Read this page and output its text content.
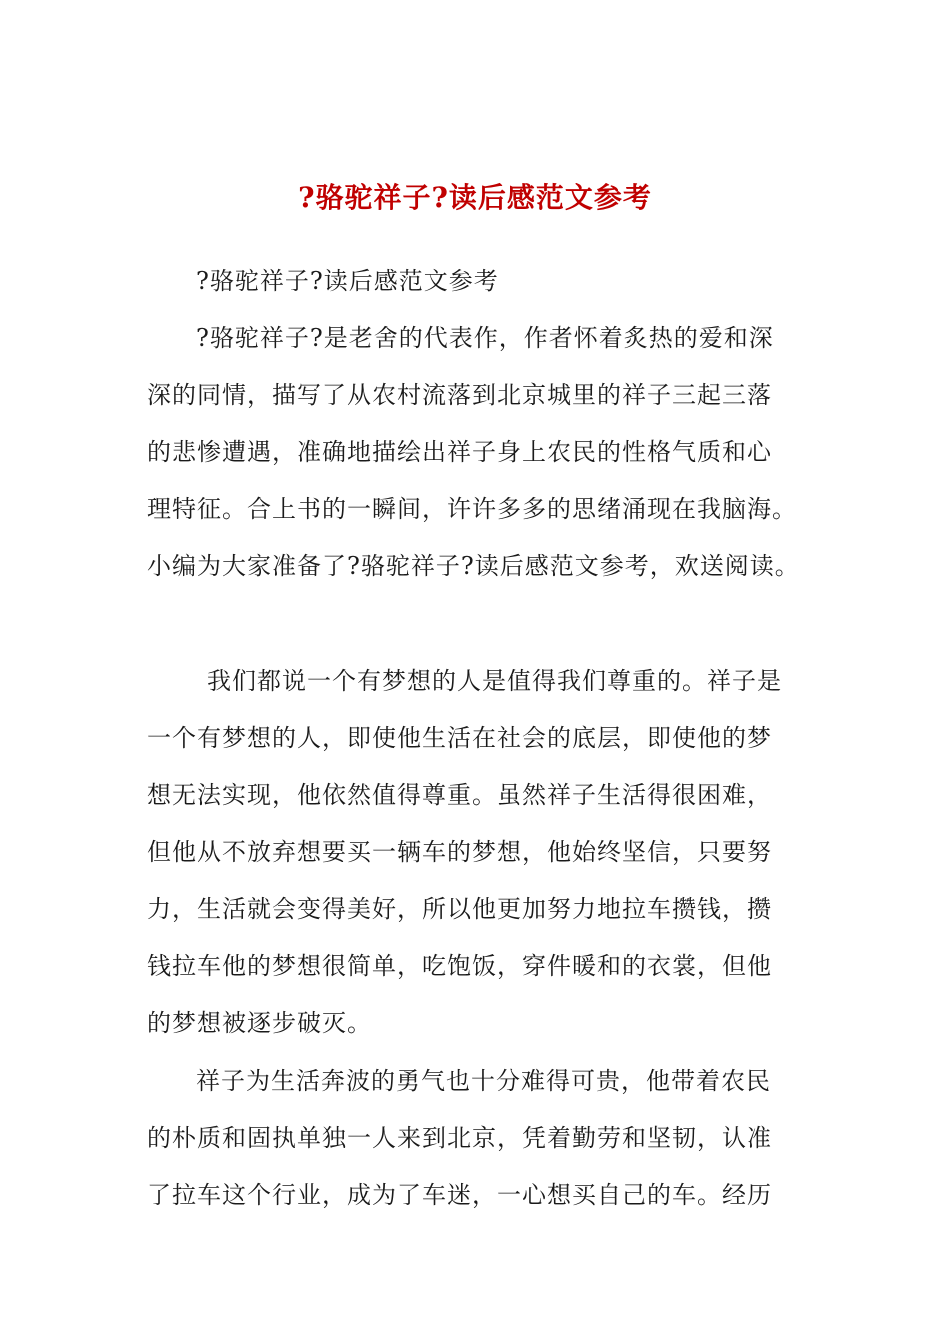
?骆驼祥子?读后感范文参考
?骆驼祥子?读后感范文参考
?骆驼祥子?是老舍的代表作，作者怀着炙热的爱和深
深的同情，描写了从农村流落到北京城里的祥子三起三落
的悲惨遭遇，准确地描绘出祥子身上农民的性格气质和心
理特征。合上书的一瞬间，许许多多的思绪涌现在我脑海。
小编为大家准备了?骆驼祥子?读后感范文参考，欢送阅读。
我们都说一个有梦想的人是值得我们尊重的。祥子是
一个有梦想的人，即使他生活在社会的底层，即使他的梦
想无法实现，他依然值得尊重。虽然祥子生活得很困难，
但他从不放弃想要买一辆车的梦想，他始终坚信，只要努
力，生活就会变得美好，所以他更加努力地拉车攒钱，攒
钱拉车他的梦想很简单，吃饱饭，穿件暖和的衣裳，但他
的梦想被逐步破灭。
祥子为生活奔波的勇气也十分难得可贵，他带着农民
的朴质和固执单独一人来到北京，凭着勤劳和坚韧，认准
了拉车这个行业，成为了车迷，一心想买自己的车。经历
